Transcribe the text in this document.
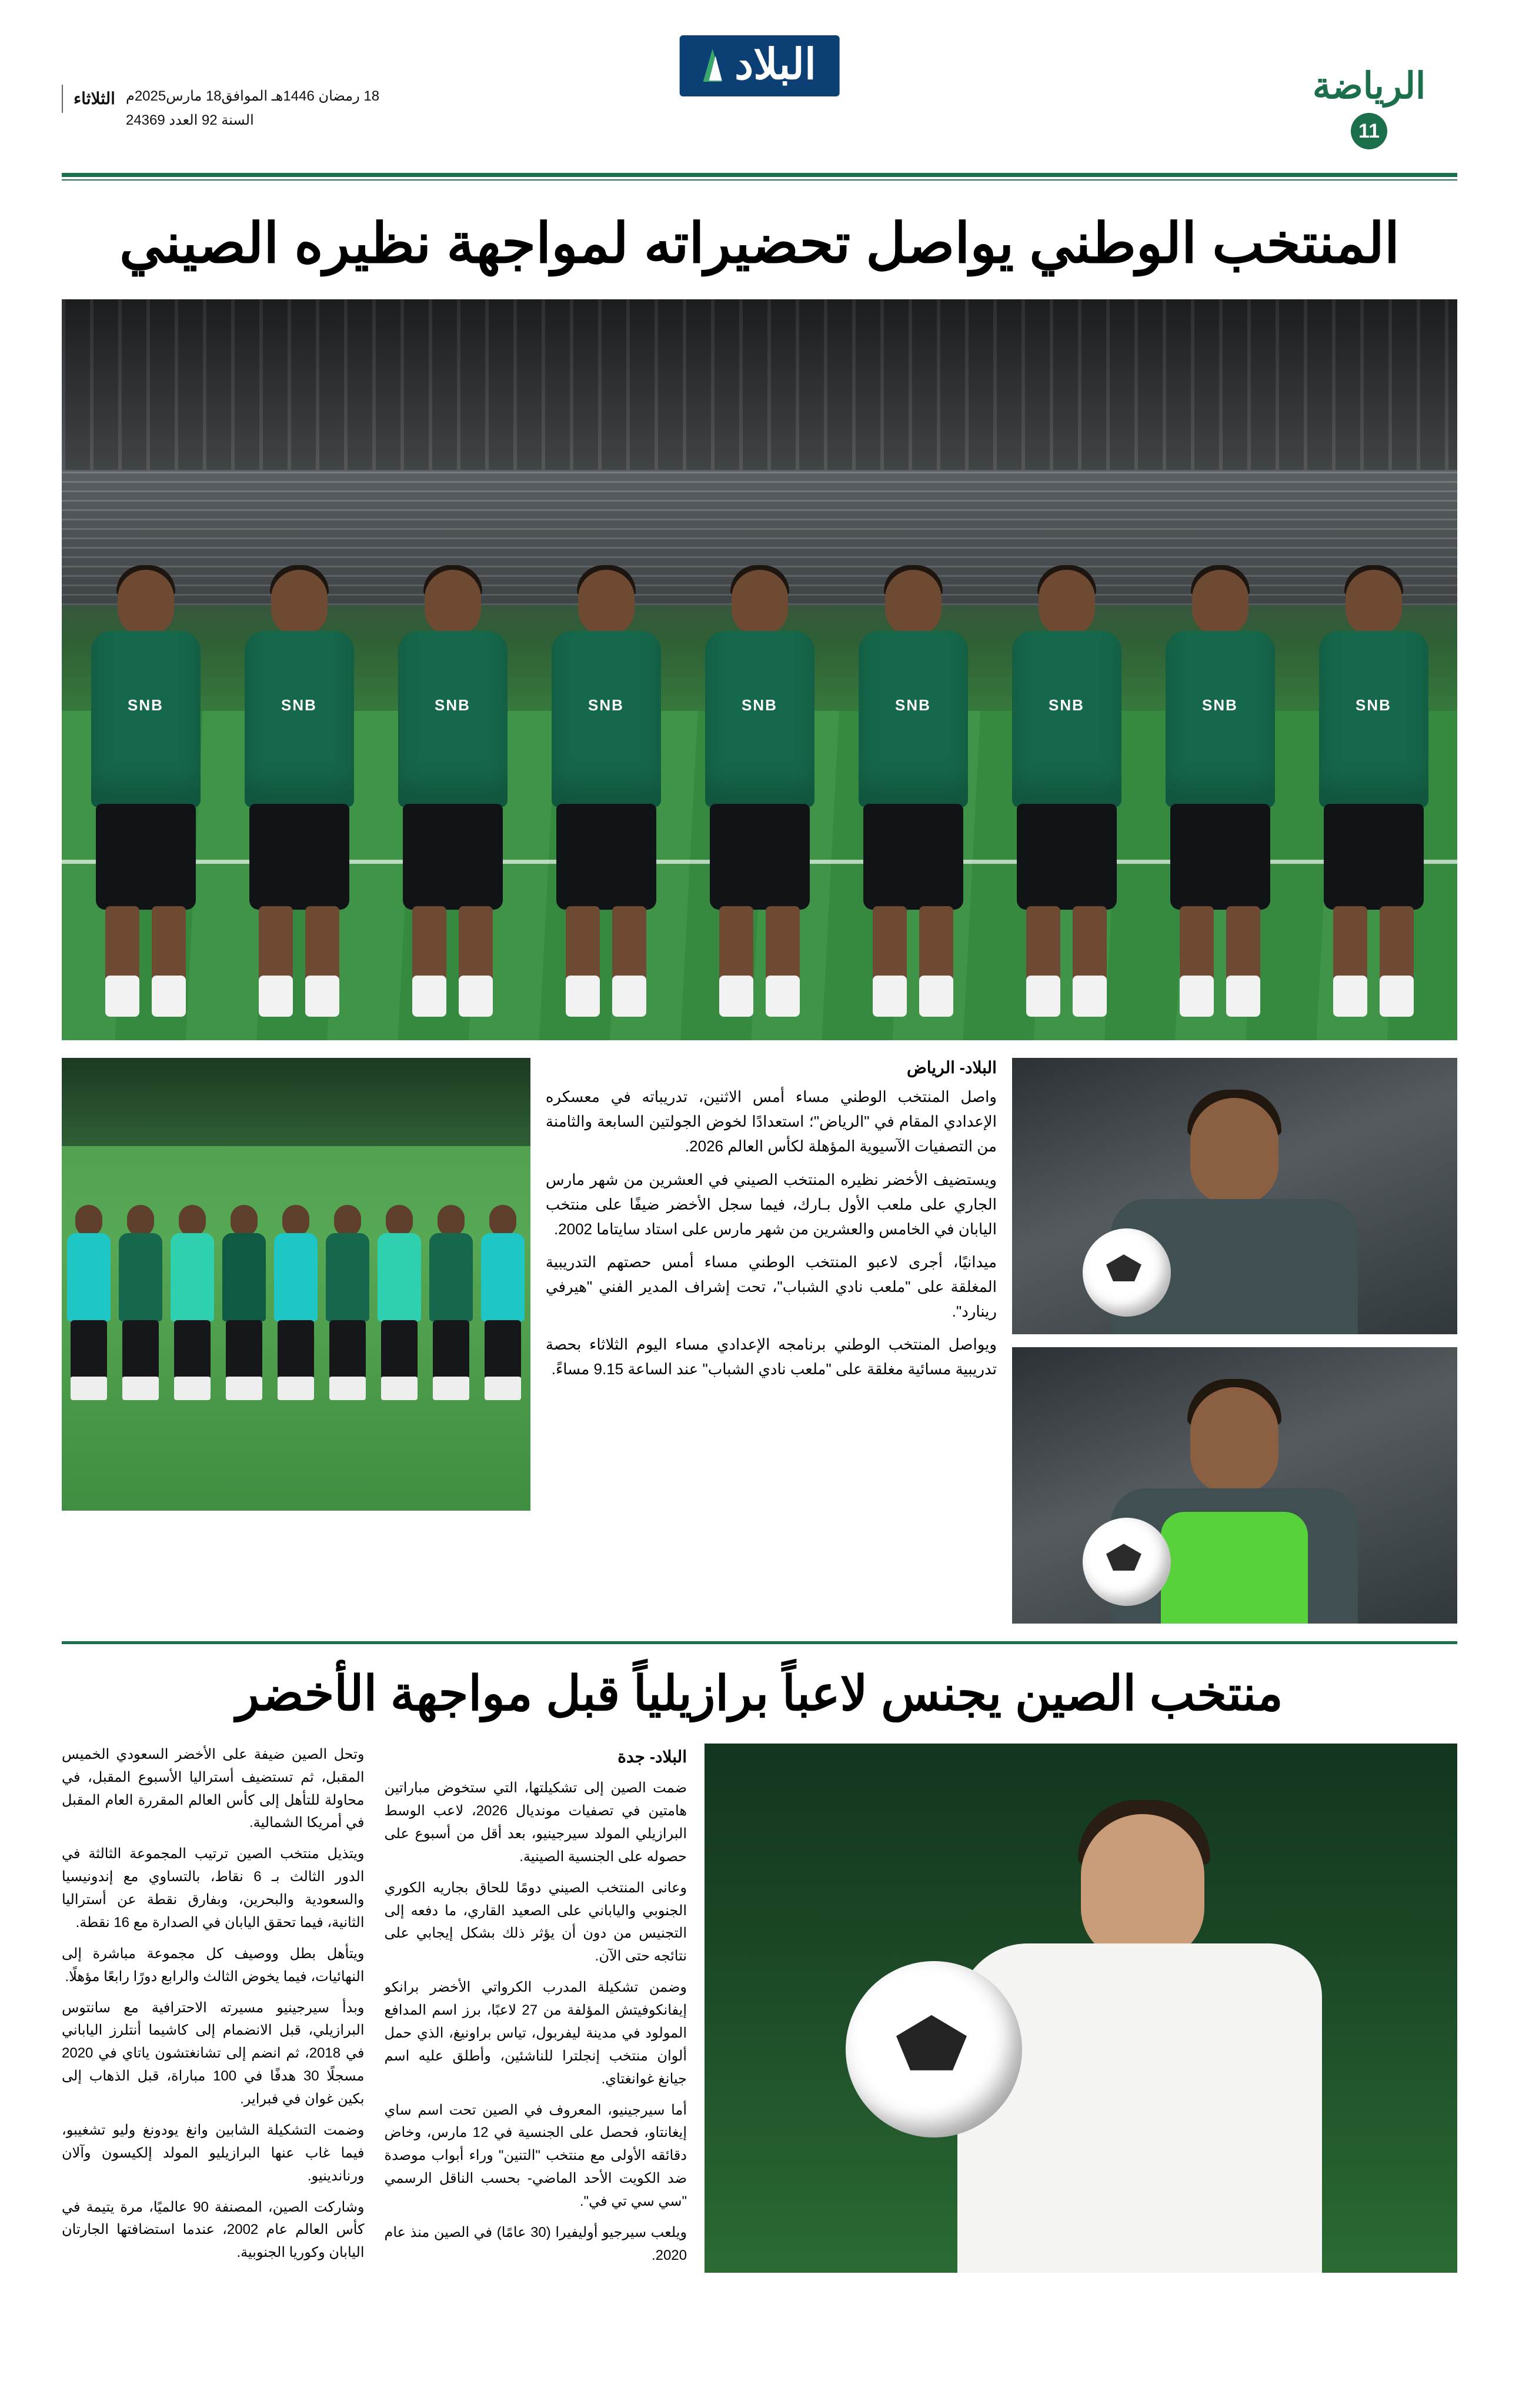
الرياضة
11
البلاد
الثلاثاء 18 رمضان 1446هـ الموافق18 مارس2025م
السنة 92 العدد 24369
المنتخب الوطني يواصل تحضيراته لمواجهة نظيره الصيني
SNB
SNB
SNB
SNB
SNB
SNB
SNB
SNB
SNB
البلاد- الرياض

واصل المنتخب الوطني مساء أمس الاثنين، تدريباته في معسكره الإعدادي المقام في "الرياض"؛ استعدادًا لخوض الجولتين السابعة والثامنة من التصفيات الآسيوية المؤهلة لكأس العالم 2026.

ويستضيف الأخضر نظيره المنتخب الصيني في العشرين من شهر مارس الجاري على ملعب الأول بـارك، فيما سجل الأخضر ضيفًا على منتخب اليابان في الخامس والعشرين من شهر مارس على استاد سايتاما 2002.

ميدانيًا، أجرى لاعبو المنتخب الوطني مساء أمس حصتهم التدريبية المغلقة على "ملعب نادي الشباب"، تحت إشراف المدير الفني "هيرفي رينارد".

ويواصل المنتخب الوطني برنامجه الإعدادي مساء اليوم الثلاثاء بحصة تدريبية مسائية مغلقة على "ملعب نادي الشباب" عند الساعة 9.15 مساءً.

منتخب الصين يجنس لاعباً برازيلياً قبل مواجهة الأخضر
البلاد- جدة

ضمت الصين إلى تشكيلتها، التي ستخوض مباراتين هامتين في تصفيات مونديال 2026، لاعب الوسط البرازيلي المولد سيرجينيو، بعد أقل من أسبوع على حصوله على الجنسية الصينية.

وعانى المنتخب الصيني دومًا للحاق بجاريه الكوري الجنوبي والياباني على الصعيد القاري، ما دفعه إلى التجنيس من دون أن يؤثر ذلك بشكل إيجابي على نتائجه حتى الآن.

وضمن تشكيلة المدرب الكرواتي الأخضر برانكو إيفانكوفيتش المؤلفة من 27 لاعبًا، برز اسم المدافع المولود في مدينة ليفربول، تياس براونيغ، الذي حمل ألوان منتخب إنجلترا للناشئين، وأطلق عليه اسم جيانغ غوانغتاي.

أما سيرجينيو، المعروف في الصين تحت اسم ساي إيغانتاو، فحصل على الجنسية في 12 مارس، وخاض دقائقه الأولى مع منتخب "التنين" وراء أبواب موصدة ضد الكويت الأحد الماضي- بحسب الناقل الرسمي "سي سي تي في".

ويلعب سيرجيو أوليفيرا (30 عامًا) في الصين منذ عام 2020.

وتحل الصين ضيفة على الأخضر السعودي الخميس المقبل، ثم تستضيف أستراليا الأسبوع المقبل، في محاولة للتأهل إلى كأس العالم المقررة العام المقبل في أمريكا الشمالية.

ويتذيل منتخب الصين ترتيب المجموعة الثالثة في الدور الثالث بـ 6 نقاط، بالتساوي مع إندونيسيا والسعودية والبحرين، وبفارق نقطة عن أستراليا الثانية، فيما تحقق اليابان في الصدارة مع 16 نقطة.

ويتأهل بطل ووصيف كل مجموعة مباشرة إلى النهائيات، فيما يخوض الثالث والرابع دورًا رابعًا مؤهلًا.

وبدأ سيرجينيو مسيرته الاحترافية مع سانتوس البرازيلي، قبل الانضمام إلى كاشيما أنتلرز الياباني في 2018، ثم انضم إلى تشانغتشون ياتاي في 2020 مسجلًا 30 هدفًا في 100 مباراة، قبل الذهاب إلى بكين غوان في فبراير.

وضمت التشكيلة الشابين وانغ يودونغ وليو تشغيبو، فيما غاب عنها البرازيليو المولد إلكيسون وآلان ورناندينيو.

وشاركت الصين، المصنفة 90 عالميًا، مرة يتيمة في كأس العالم عام 2002، عندما استضافتها الجارتان اليابان وكوريا الجنوبية.
